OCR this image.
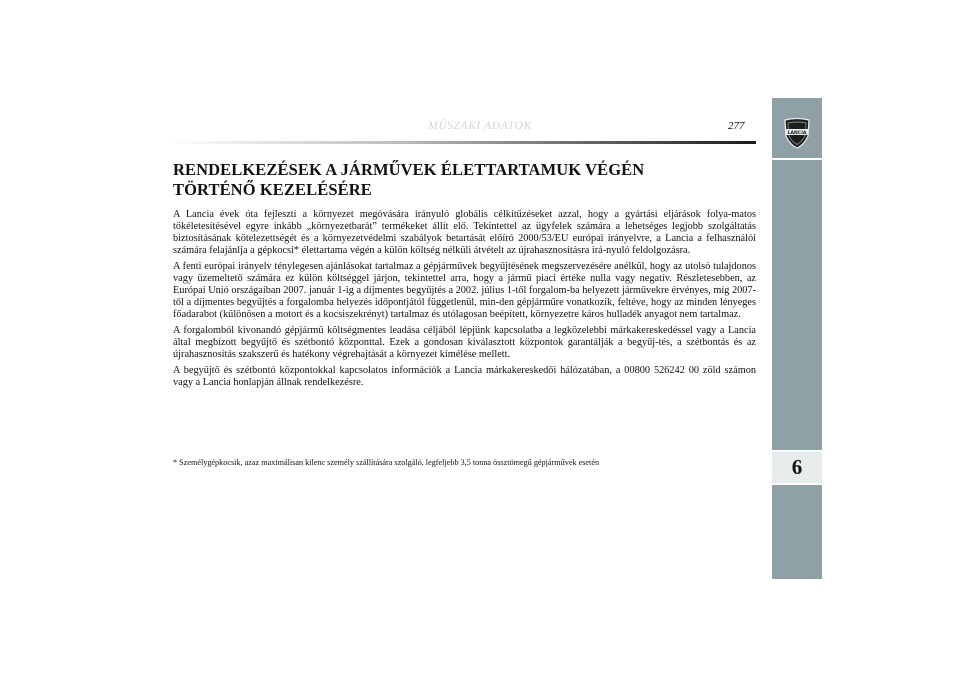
MŰSZAKI ADATOK	277
LANCIA
6
RENDELKEZÉSEK A JÁRMŰVEK ÉLETTARTAMUK VÉGÉN
TÖRTÉNŐ KEZELÉSÉRE

A Lancia évek óta fejleszti a környezet megóvására irányuló globális célkitűzéseket azzal, hogy a gyártási eljárások folya-matos tökéletesítésével egyre inkább „környezetbarát” termékeket állít elő. Tekintettel az ügyfelek számára a lehetséges legjobb szolgáltatás biztosításának kötelezettségét és a környezetvédelmi szabályok betartását előíró 2000/53/EU európai irányelvre, a Lancia a felhasználói számára felajánlja a gépkocsi* élettartama végén a külön költség nélküli átvételt az újrahasznosításra irá-nyuló feldolgozásra.

A fenti európai irányelv ténylegesen ajánlásokat tartalmaz a gépjárművek begyűjtésének megszervezésére anélkül, hogy az utolsó tulajdonos vagy üzemeltető számára ez külön költséggel járjon, tekintettel arra, hogy a jármű piaci értéke nulla vagy negatív. Részletesebben, az Európai Unió országaiban 2007. január 1-ig a díjmentes begyűjtés a 2002. július 1-től forgalom-ba helyezett járművekre érvényes, míg 2007-től a díjmentes begyűjtés a forgalomba helyezés időpontjától függetlenül, min-den gépjárműre vonatkozik, feltéve, hogy az minden lényeges főadarabot (különösen a motort és a kocsiszekrényt) tartalmaz és utólagosan beépített, környezetre káros hulladék anyagot nem tartalmaz.

A forgalomból kivonandó gépjármű költségmentes leadása céljából lépjünk kapcsolatba a legközelebbi márkakereskedéssel vagy a Lancia által megbízott begyűjtő és szétbontó központtal. Ezek a gondosan kiválasztott központok garantálják a begyűj-tés, a szétbontás és az újrahasznosítás szakszerű és hatékony végrehajtását a környezet kímélése mellett.

A begyűjtő és szétbontó központokkal kapcsolatos információk a Lancia márkakereskedői hálózatában, a 00800 526242 00 zöld számon vagy a Lancia honlapján állnak rendelkezésre.

* Személygépkocsik, azaz maximálisan kilenc személy szállítására szolgáló, legfeljebb 3,5 tonna össztömegű gépjárművek esetén
